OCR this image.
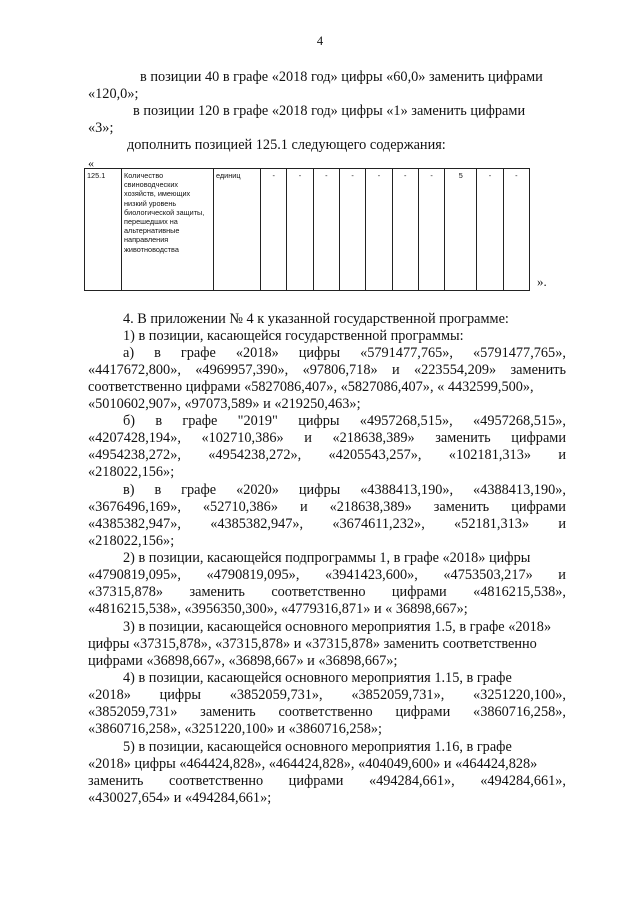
4
в позиции 40 в графе «2018 год» цифры «60,0» заменить цифрами
«120,0»;
в позиции 120 в графе «2018 год» цифры «1» заменить цифрами
«3»;
дополнить позицией 125.1 следующего содержания:
«
125.1	Количество свиноводческих хозяйств, имеющих низкий уровень биологической защиты, перешедших на альтернативные направления животноводства	единиц	-	-	-	-	-	-	-	5	-	-
».
4. В приложении № 4 к указанной государственной программе:
1) в позиции, касающейся государственной программы:
а) в графе «2018» цифры «5791477,765», «5791477,765»,
«4417672,800», «4969957,390», «97806,718» и «223554,209» заменить
соответственно цифрами «5827086,407», «5827086,407», « 4432599,500»,
«5010602,907», «97073,589» и «219250,463»;
б) в графе "2019" цифры «4957268,515», «4957268,515»,
«4207428,194», «102710,386» и «218638,389» заменить цифрами
«4954238,272», «4954238,272», «4205543,257», «102181,313» и
«218022,156»;
в) в графе «2020» цифры «4388413,190», «4388413,190»,
«3676496,169», «52710,386» и «218638,389» заменить цифрами
«4385382,947», «4385382,947», «3674611,232», «52181,313» и
«218022,156»;
2) в позиции, касающейся подпрограммы 1, в графе «2018» цифры
«4790819,095», «4790819,095», «3941423,600», «4753503,217» и
«37315,878» заменить соответственно цифрами «4816215,538»,
«4816215,538», «3956350,300», «4779316,871» и « 36898,667»;
3) в позиции, касающейся основного мероприятия 1.5, в графе «2018»
цифры «37315,878», «37315,878» и «37315,878» заменить соответственно
цифрами «36898,667», «36898,667» и «36898,667»;
4) в позиции, касающейся основного мероприятия 1.15, в графе
«2018» цифры «3852059,731», «3852059,731», «3251220,100»,
«3852059,731» заменить соответственно цифрами «3860716,258»,
«3860716,258», «3251220,100» и «3860716,258»;
5) в позиции, касающейся основного мероприятия 1.16, в графе
«2018» цифры «464424,828», «464424,828», «404049,600» и «464424,828»
заменить соответственно цифрами «494284,661», «494284,661»,
«430027,654» и «494284,661»;
